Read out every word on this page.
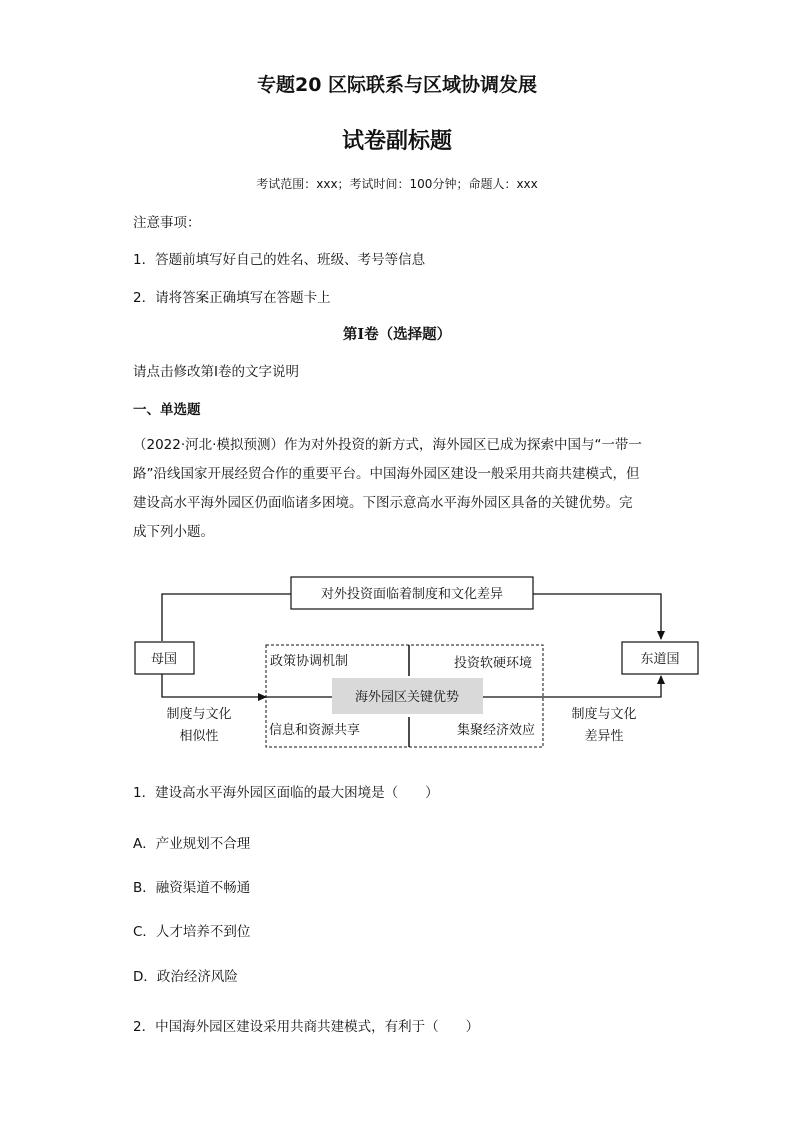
专题20 区际联系与区域协调发展
试卷副标题
考试范围：xxx；考试时间：100分钟；命题人：xxx
注意事项：
1．答题前填写好自己的姓名、班级、考号等信息
2．请将答案正确填写在答题卡上
第I卷（选择题）
请点击修改第I卷的文字说明
一、单选题
（2022·河北·模拟预测）作为对外投资的新方式，海外园区已成为探索中国与“一带一
路”沿线国家开展经贸合作的重要平台。中国海外园区建设一般采用共商共建模式，但
建设高水平海外园区仍面临诸多困境。下图示意高水平海外园区具备的关键优势。完
成下列小题。
对外投资面临着制度和文化差异
母国	东道国
海外园区关键优势
政策协调机制	投资软硬环境
信息和资源共享	集聚经济效应
制度与文化
相似性
制度与文化
差异性
1．建设高水平海外园区面临的最大困境是（　　）
A．产业规划不合理
B．融资渠道不畅通
C．人才培养不到位
D．政治经济风险
2．中国海外园区建设采用共商共建模式，有利于（　　）
